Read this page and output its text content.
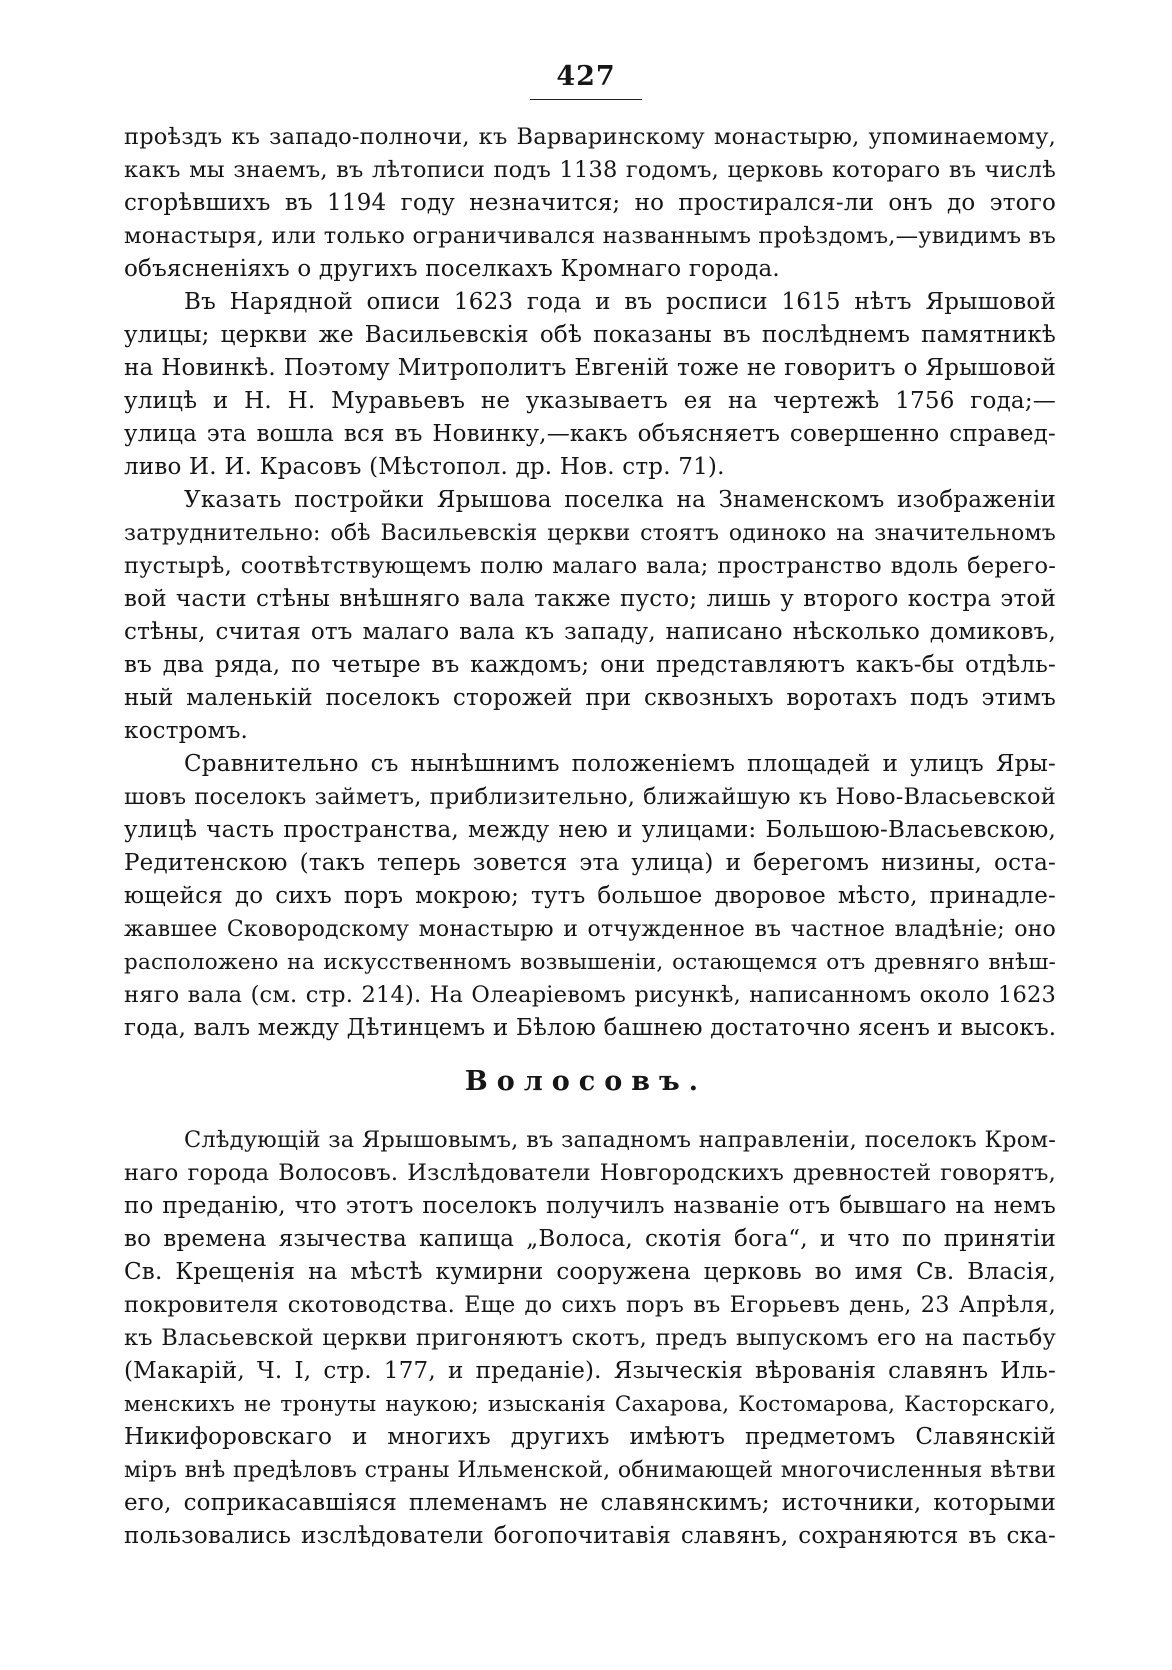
427
проѣздъ къ западо-полночи, къ Варваринскому монастырю, упоминаемому,
какъ мы знаемъ, въ лѣтописи подъ 1138 годомъ, церковь котораго въ числѣ
сгорѣвшихъ въ 1194 году незначится; но простирался-ли онъ до этого
монастыря, или только ограничивался названнымъ проѣздомъ,—увидимъ въ
объясненіяхъ о другихъ поселкахъ Кромнаго города.
Въ Нарядной описи 1623 года и въ росписи 1615 нѣтъ Ярышовой
улицы; церкви же Васильевскія обѣ показаны въ послѣднемъ памятникѣ
на Новинкѣ. Поэтому Митрополитъ Евгеній тоже не говоритъ о Ярышовой
улицѣ и Н. Н. Муравьевъ не указываетъ ея на чертежѣ 1756 года;—
улица эта вошла вся въ Новинку,—какъ объясняетъ совершенно справед-
ливо И. И. Красовъ (Мѣстопол. др. Нов. стр. 71).
Указать постройки Ярышова поселка на Знаменскомъ изображеніи
затруднительно: обѣ Васильевскія церкви стоятъ одиноко на значительномъ
пустырѣ, соотвѣтствующемъ полю малаго вала; пространство вдоль берего-
вой части стѣны внѣшняго вала также пусто; лишь у второго костра этой
стѣны, считая отъ малаго вала къ западу, написано нѣсколько домиковъ,
въ два ряда, по четыре въ каждомъ; они представляютъ какъ-бы отдѣль-
ный маленькій поселокъ сторожей при сквозныхъ воротахъ подъ этимъ
костромъ.
Сравнительно съ нынѣшнимъ положеніемъ площадей и улицъ Яры-
шовъ поселокъ займетъ, приблизительно, ближайшую къ Ново-Власьевской
улицѣ часть пространства, между нею и улицами: Большою-Власьевскою,
Редитенскою (такъ теперь зовется эта улица) и берегомъ низины, оста-
ющейся до сихъ поръ мокрою; тутъ большое дворовое мѣсто, принадле-
жавшее Сковородскому монастырю и отчужденное въ частное владѣніе; оно
расположено на искусственномъ возвышеніи, остающемся отъ древняго внѣш-
няго вала (см. стр. 214). На Олеаріевомъ рисункѣ, написанномъ около 1623
года, валъ между Дѣтинцемъ и Бѣлою башнею достаточно ясенъ и высокъ.
Волосовъ.
Слѣдующій за Ярышовымъ, въ западномъ направленіи, поселокъ Кром-
наго города Волосовъ. Изслѣдователи Новгородскихъ древностей говорятъ,
по преданію, что этотъ поселокъ получилъ названіе отъ бывшаго на немъ
во времена язычества капища „Волоса, скотія бога“, и что по принятіи
Св. Крещенія на мѣстѣ кумирни сооружена церковь во имя Св. Власія,
покровителя скотоводства. Еще до сихъ поръ въ Егорьевъ день, 23 Апрѣля,
къ Власьевской церкви пригоняютъ скотъ, предъ выпускомъ его на пастьбу
(Макарій, Ч. I, стр. 177, и преданіе). Языческія вѣрованія славянъ Иль-
менскихъ не тронуты наукою; изысканія Сахарова, Костомарова, Касторскаго,
Никифоровскаго и многихъ другихъ имѣютъ предметомъ Славянскій
міръ внѣ предѣловъ страны Ильменской, обнимающей многочисленныя вѣтви
его, соприкасавшіяся племенамъ не славянскимъ; источники, которыми
пользовались изслѣдователи богопочитавія славянъ, сохраняются въ ска-
